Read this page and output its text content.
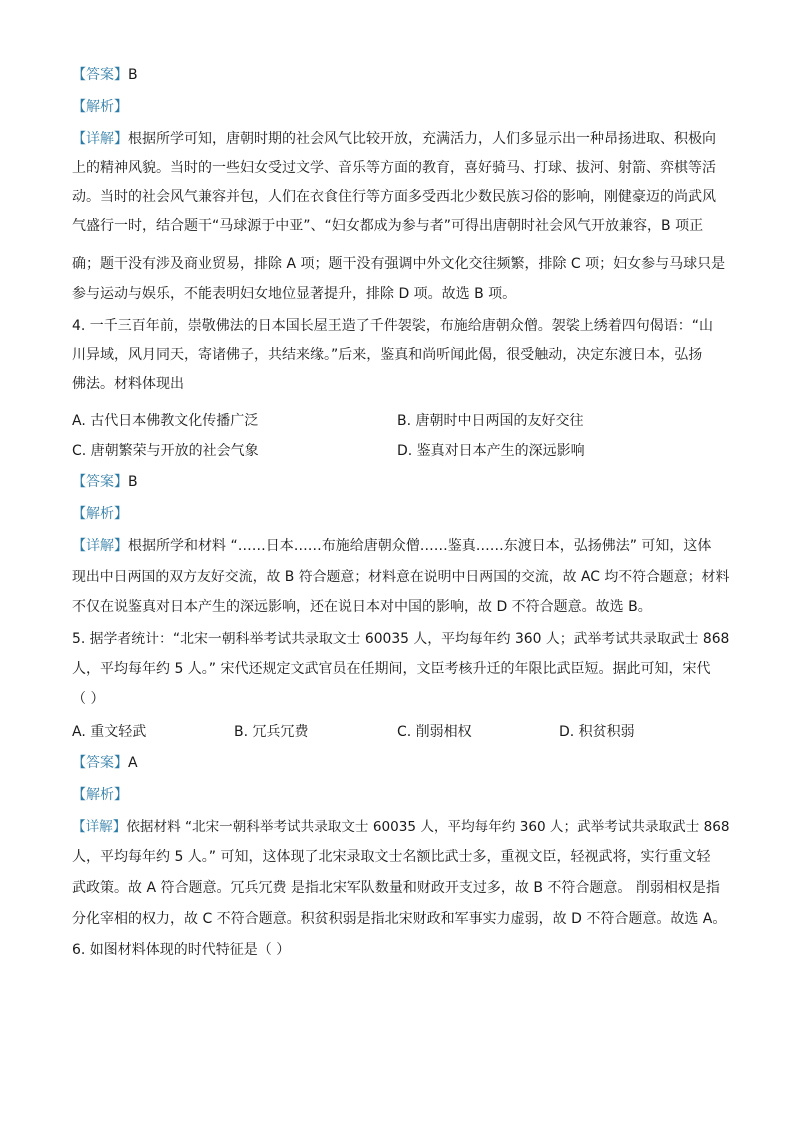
【答案】B
【解析】
【详解】根据所学可知，唐朝时期的社会风气比较开放，充满活力，人们多显示出一种昂扬进取、积极向
上的精神风貌。当时的一些妇女受过文学、音乐等方面的教育，喜好骑马、打球、拔河、射箭、弈棋等活
动。当时的社会风气兼容并包，人们在衣食住行等方面多受西北少数民族习俗的影响，刚健豪迈的尚武风
气盛行一时，结合题干“马球源于中亚”、“妇女都成为参与者”可得出唐朝时社会风气开放兼容，B 项正
确；题干没有涉及商业贸易，排除 A 项；题干没有强调中外文化交往频繁，排除 C 项；妇女参与马球只是
参与运动与娱乐，不能表明妇女地位显著提升，排除 D 项。故选 B 项。
4. 一千三百年前，崇敬佛法的日本国长屋王造了千件袈裟，布施给唐朝众僧。袈裟上绣着四句偈语：“山
川异域，风月同天，寄诸佛子，共结来缘。”后来，鉴真和尚听闻此偈，很受触动，决定东渡日本，弘扬
佛法。材料体现出
A. 古代日本佛教文化传播广泛	B. 唐朝时中日两国的友好交往
C. 唐朝繁荣与开放的社会气象	D. 鉴真对日本产生的深远影响
【答案】B
【解析】
【详解】根据所学和材料 “……日本……布施给唐朝众僧……鉴真……东渡日本，弘扬佛法” 可知，这体
现出中日两国的双方友好交流，故 B 符合题意；材料意在说明中日两国的交流，故 AC 均不符合题意；材料
不仅在说鉴真对日本产生的深远影响，还在说日本对中国的影响，故 D 不符合题意。故选 B。
5. 据学者统计：“北宋一朝科举考试共录取文士 60035 人，平均每年约 360 人；武举考试共录取武士 868
人，平均每年约 5 人。” 宋代还规定文武官员在任期间，文臣考核升迁的年限比武臣短。据此可知，宋代
（ ）
A. 重文轻武	B. 冗兵冗费	C. 削弱相权	D. 积贫积弱
【答案】A
【解析】
【详解】依据材料 “北宋一朝科举考试共录取文士 60035 人，平均每年约 360 人；武举考试共录取武士 868
人，平均每年约 5 人。” 可知，这体现了北宋录取文士名额比武士多，重视文臣，轻视武将，实行重文轻
武政策。故 A 符合题意。冗兵冗费 是指北宋军队数量和财政开支过多，故 B 不符合题意。 削弱相权是指
分化宰相的权力，故 C 不符合题意。积贫积弱是指北宋财政和军事实力虚弱，故 D 不符合题意。故选 A。
6. 如图材料体现的时代特征是（ ）
